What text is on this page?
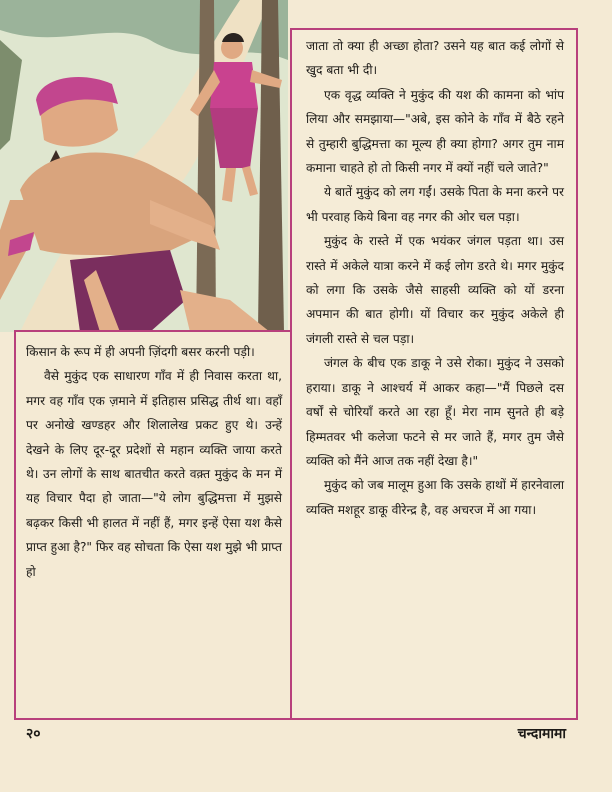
जाता तो क्या ही अच्छा होता? उसने यह बात कई लोगों से खुद बता भी दी।

एक वृद्ध व्यक्ति ने मुकुंद की यश की कामना को भांप लिया और समझाया—"अबे, इस कोने के गाँव में बैठे रहने से तुम्हारी बुद्धिमत्ता का मूल्य ही क्या होगा? अगर तुम नाम कमाना चाहते हो तो किसी नगर में क्यों नहीं चले जाते?"

ये बातें मुकुंद को लग गईं। उसके पिता के मना करने पर भी परवाह किये बिना वह नगर की ओर चल पड़ा।

मुकुंद के रास्ते में एक भयंकर जंगल पड़ता था। उस रास्ते में अकेले यात्रा करने में कई लोग डरते थे। मगर मुकुंद को लगा कि उसके जैसे साहसी व्यक्ति को यों डरना अपमान की बात होगी। यों विचार कर मुकुंद अकेले ही जंगली रास्ते से चल पड़ा।

जंगल के बीच एक डाकू ने उसे रोका। मुकुंद ने उसको हराया। डाकू ने आश्चर्य में आकर कहा—"मैं पिछले दस वर्षों से चोरियाँ करते आ रहा हूँ। मेरा नाम सुनते ही बड़े हिम्मतवर भी कलेजा फटने से मर जाते हैं, मगर तुम जैसे व्यक्ति को मैंने आज तक नहीं देखा है।"

मुकुंद को जब मालूम हुआ कि उसके हाथों में हारनेवाला व्यक्ति मशहूर डाकू वीरेन्द्र है, वह अचरज में आ गया।

किसान के रूप में ही अपनी ज़िंदगी बसर करनी पड़ी।

वैसे मुकुंद एक साधारण गाँव में ही निवास करता था, मगर वह गाँव एक ज़माने में इतिहास प्रसिद्ध तीर्थ था। वहाँ पर अनोखे खण्डहर और शिलालेख प्रकट हुए थे। उन्हें देखने के लिए दूर-दूर प्रदेशों से महान व्यक्ति जाया करते थे। उन लोगों के साथ बातचीत करते वक़्त मुकुंद के मन में यह विचार पैदा हो जाता—"ये लोग बुद्धिमत्ता में मुझसे बढ़कर किसी भी हालत में नहीं हैं, मगर इन्हें ऐसा यश कैसे प्राप्त हुआ है?" फिर वह सोचता कि ऐसा यश मुझे भी प्राप्त हो

२०	चन्दामामा
